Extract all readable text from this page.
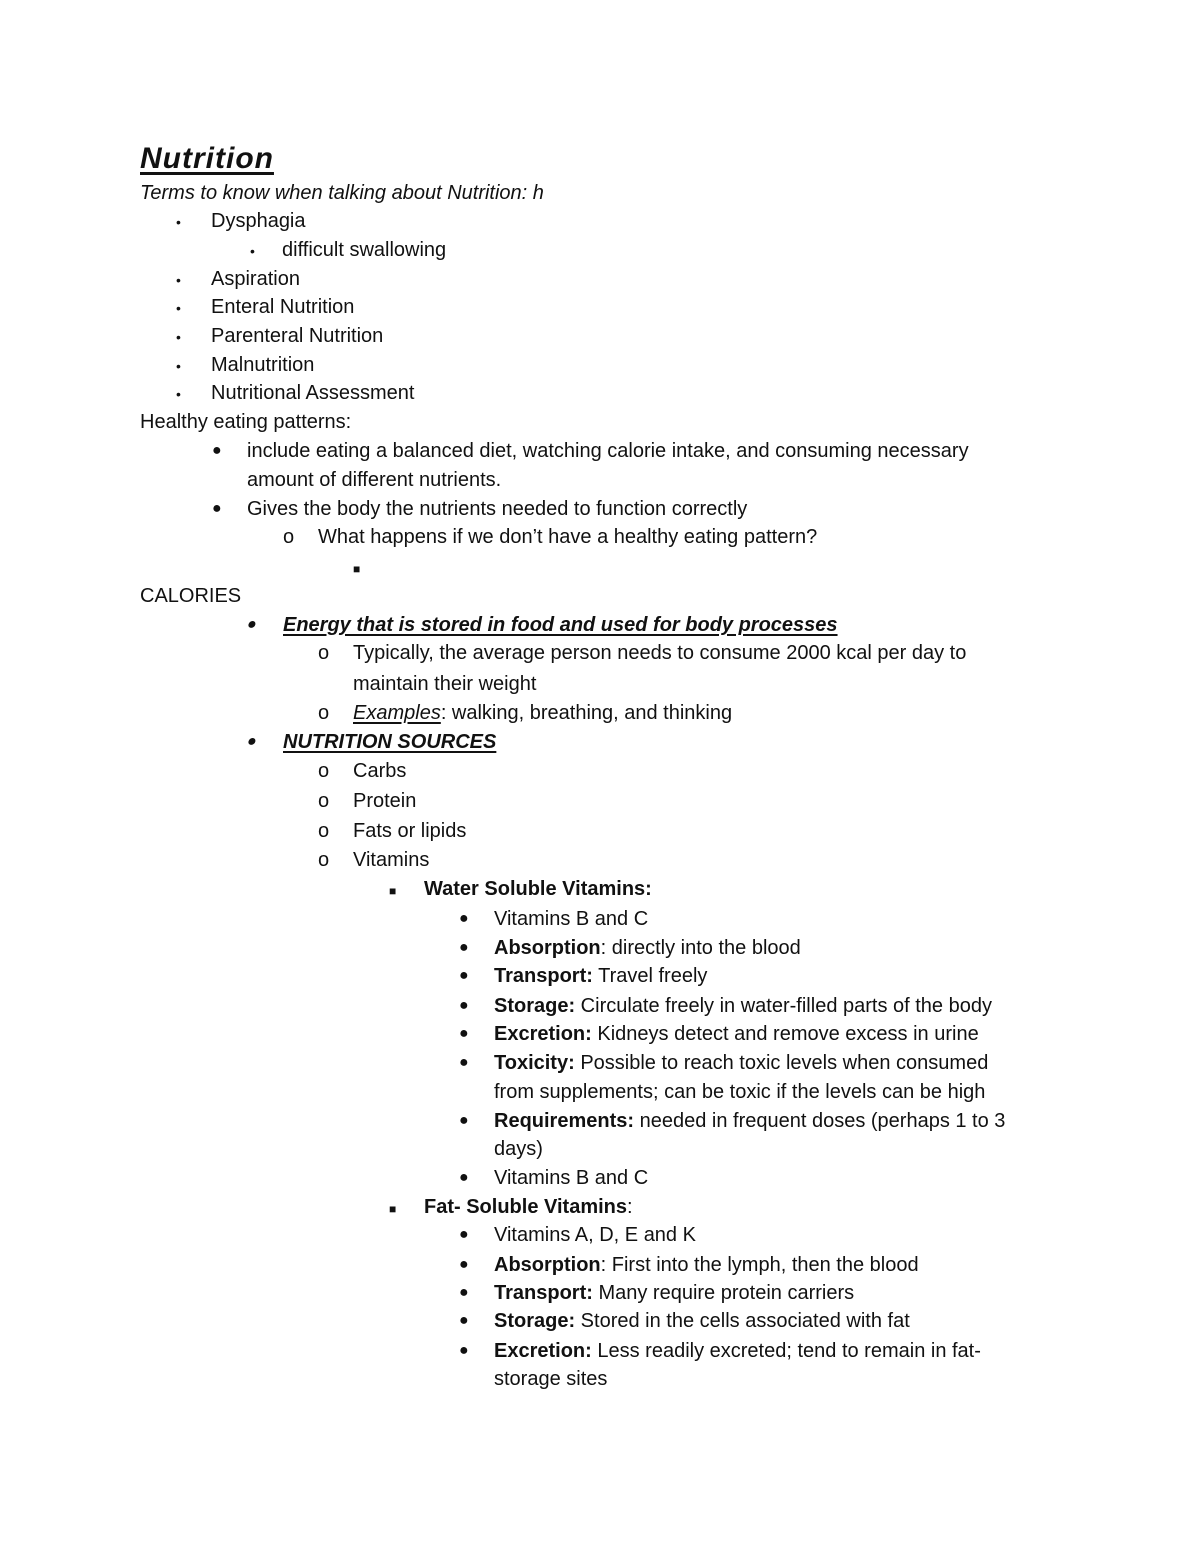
Nutrition
Terms to know when talking about Nutrition: h
• Dysphagia
• difficult swallowing
• Aspiration
• Enteral Nutrition
• Parenteral Nutrition
• Malnutrition
• Nutritional Assessment
Healthy eating patterns:
● include eating a balanced diet, watching calorie intake, and consuming necessary
amount of different nutrients.
● Gives the body the nutrients needed to function correctly
o What happens if we don’t have a healthy eating pattern?
■
CALORIES
● Energy that is stored in food and used for body processes
o Typically, the average person needs to consume 2000 kcal per day to
maintain their weight
o Examples: walking, breathing, and thinking
● NUTRITION SOURCES
o Carbs
o Protein
o Fats or lipids
o Vitamins
■ Water Soluble Vitamins:
● Vitamins B and C
● Absorption: directly into the blood
● Transport: Travel freely
● Storage: Circulate freely in water-filled parts of the body
● Excretion: Kidneys detect and remove excess in urine
● Toxicity: Possible to reach toxic levels when consumed
from supplements; can be toxic if the levels can be high
● Requirements: needed in frequent doses (perhaps 1 to 3
days)
● Vitamins B and C
■ Fat- Soluble Vitamins:
● Vitamins A, D, E and K
● Absorption: First into the lymph, then the blood
● Transport: Many require protein carriers
● Storage: Stored in the cells associated with fat
● Excretion: Less readily excreted; tend to remain in fat-
storage sites
